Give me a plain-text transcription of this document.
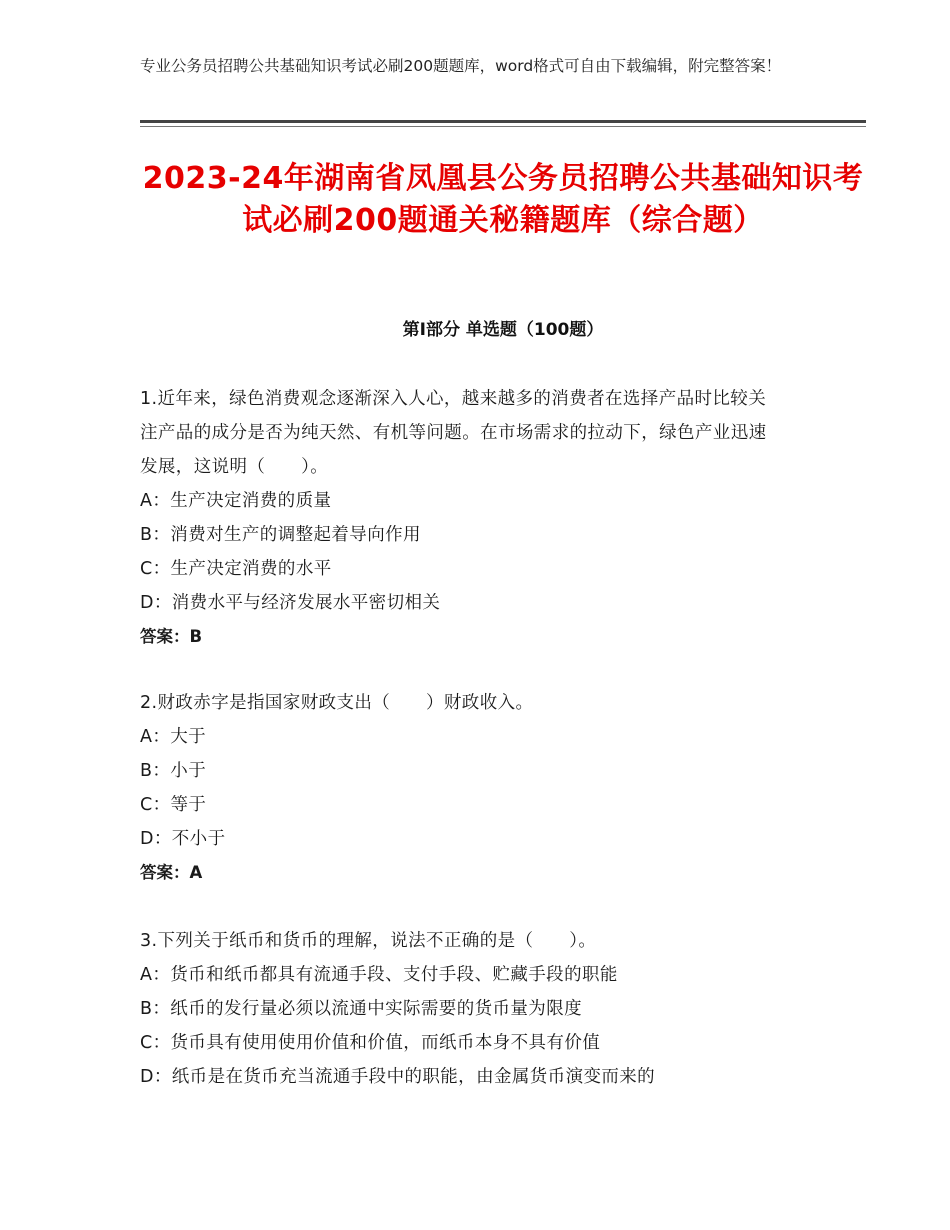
专业公务员招聘公共基础知识考试必刷200题题库，word格式可自由下载编辑，附完整答案！
2023-24年湖南省凤凰县公务员招聘公共基础知识考试必刷200题通关秘籍题库（综合题）
第Ⅰ部分 单选题（100题）

1.近年来，绿色消费观念逐渐深入人心，越来越多的消费者在选择产品时比较关注产品的成分是否为纯天然、有机等问题。在市场需求的拉动下，绿色产业迅速发展，这说明（　　）。

A：生产决定消费的质量

B：消费对生产的调整起着导向作用

C：生产决定消费的水平

D：消费水平与经济发展水平密切相关

答案：B

2.财政赤字是指国家财政支出（　　）财政收入。

A：大于

B：小于

C：等于

D：不小于

答案：A

3.下列关于纸币和货币的理解，说法不正确的是（　　）。

A：货币和纸币都具有流通手段、支付手段、贮藏手段的职能

B：纸币的发行量必须以流通中实际需要的货币量为限度

C：货币具有使用使用价值和价值，而纸币本身不具有价值

D：纸币是在货币充当流通手段中的职能，由金属货币演变而来的
